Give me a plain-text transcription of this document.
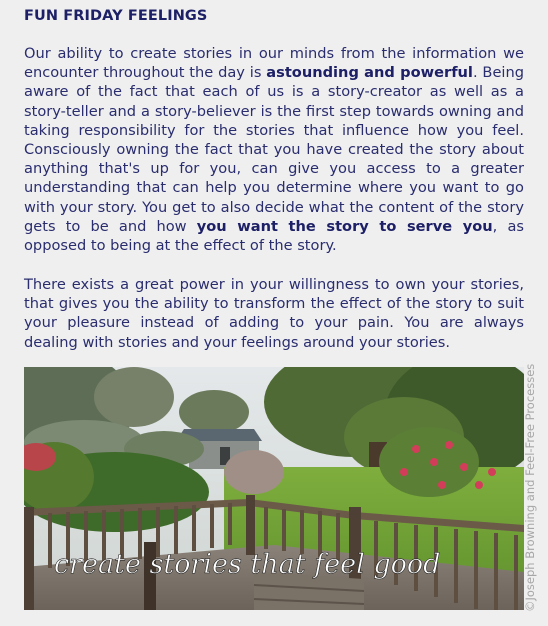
FUN FRIDAY FEELINGS

Our ability to create stories in our minds from the information we encounter throughout the day is astounding and powerful. Being aware of the fact that each of us is a story-creator as well as a story-teller and a story-believer is the first step towards owning and taking responsibility for the stories that influence how you feel. Consciously owning the fact that you have created the story about anything that's up for you, can give you access to a greater understanding that can help you determine where you want to go with your story. You get to also decide what the content of the story gets to be and how you want the story to serve you, as opposed to being at the effect of the story.

There exists a great power in your willingness to own your stories, that gives you the ability to transform the effect of the story to suit your pleasure instead of adding to your pain. You are always dealing with stories and your feelings around your stories.

create stories that feel good	©Joseph Browning and Feel-Free Processes
